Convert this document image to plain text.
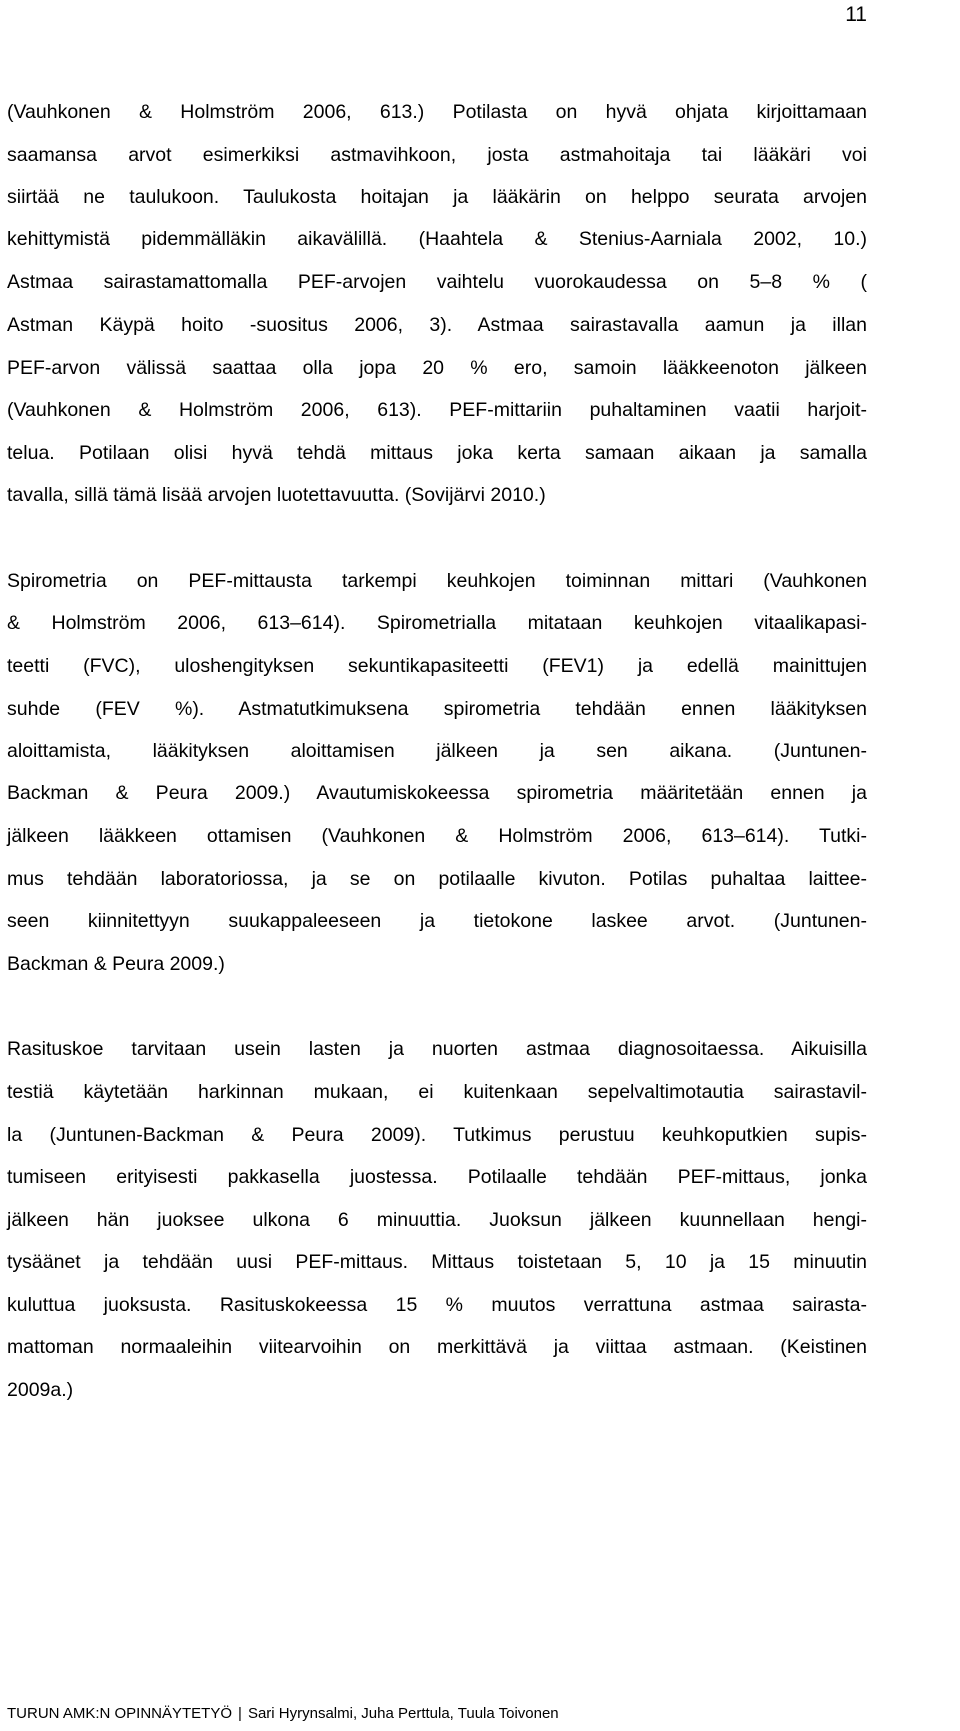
11
(Vauhkonen & Holmström 2006, 613.) Potilasta on hyvä ohjata kirjoittamaan
saamansa arvot esimerkiksi astmavihkoon, josta astmahoitaja tai lääkäri voi
siirtää ne taulukoon. Taulukosta hoitajan ja lääkärin on helppo seurata arvojen
kehittymistä pidemmälläkin aikavälillä. (Haahtela & Stenius-Aarniala 2002, 10.)
Astmaa sairastamattomalla PEF-arvojen vaihtelu vuorokaudessa on 5–8 % (
Astman Käypä hoito -suositus 2006, 3). Astmaa sairastavalla aamun ja illan
PEF-arvon välissä saattaa olla jopa 20 % ero, samoin lääkkeenoton jälkeen
(Vauhkonen & Holmström 2006, 613). PEF-mittariin puhaltaminen vaatii harjoit-
telua. Potilaan olisi hyvä tehdä mittaus joka kerta samaan aikaan ja samalla
tavalla, sillä tämä lisää arvojen luotettavuutta. (Sovijärvi 2010.)
Spirometria on PEF-mittausta tarkempi keuhkojen toiminnan mittari (Vauhkonen
& Holmström 2006, 613–614). Spirometrialla mitataan keuhkojen vitaalikapasi-
teetti (FVC), uloshengityksen sekuntikapasiteetti (FEV1) ja edellä mainittujen
suhde (FEV %). Astmatutkimuksena spirometria tehdään ennen lääkityksen
aloittamista, lääkityksen aloittamisen jälkeen ja sen aikana. (Juntunen-
Backman & Peura 2009.) Avautumiskokeessa spirometria määritetään ennen ja
jälkeen lääkkeen ottamisen (Vauhkonen & Holmström 2006, 613–614). Tutki-
mus tehdään laboratoriossa, ja se on potilaalle kivuton. Potilas puhaltaa laittee-
seen kiinnitettyyn suukappaleeseen ja tietokone laskee arvot. (Juntunen-
Backman & Peura 2009.)
Rasituskoe tarvitaan usein lasten ja nuorten astmaa diagnosoitaessa. Aikuisilla
testiä käytetään harkinnan mukaan, ei kuitenkaan sepelvaltimotautia sairastavil-
la (Juntunen-Backman & Peura 2009). Tutkimus perustuu keuhkoputkien supis-
tumiseen erityisesti pakkasella juostessa. Potilaalle tehdään PEF-mittaus, jonka
jälkeen hän juoksee ulkona 6 minuuttia. Juoksun jälkeen kuunnellaan hengi-
tysäänet ja tehdään uusi PEF-mittaus. Mittaus toistetaan 5, 10 ja 15 minuutin
kuluttua juoksusta. Rasituskokeessa 15 % muutos verrattuna astmaa sairasta-
mattoman normaaleihin viitearvoihin on merkittävä ja viittaa astmaan. (Keistinen
2009a.)
TURUN AMK:N OPINNÄYTETYÖ | Sari Hyrynsalmi, Juha Perttula, Tuula Toivonen
